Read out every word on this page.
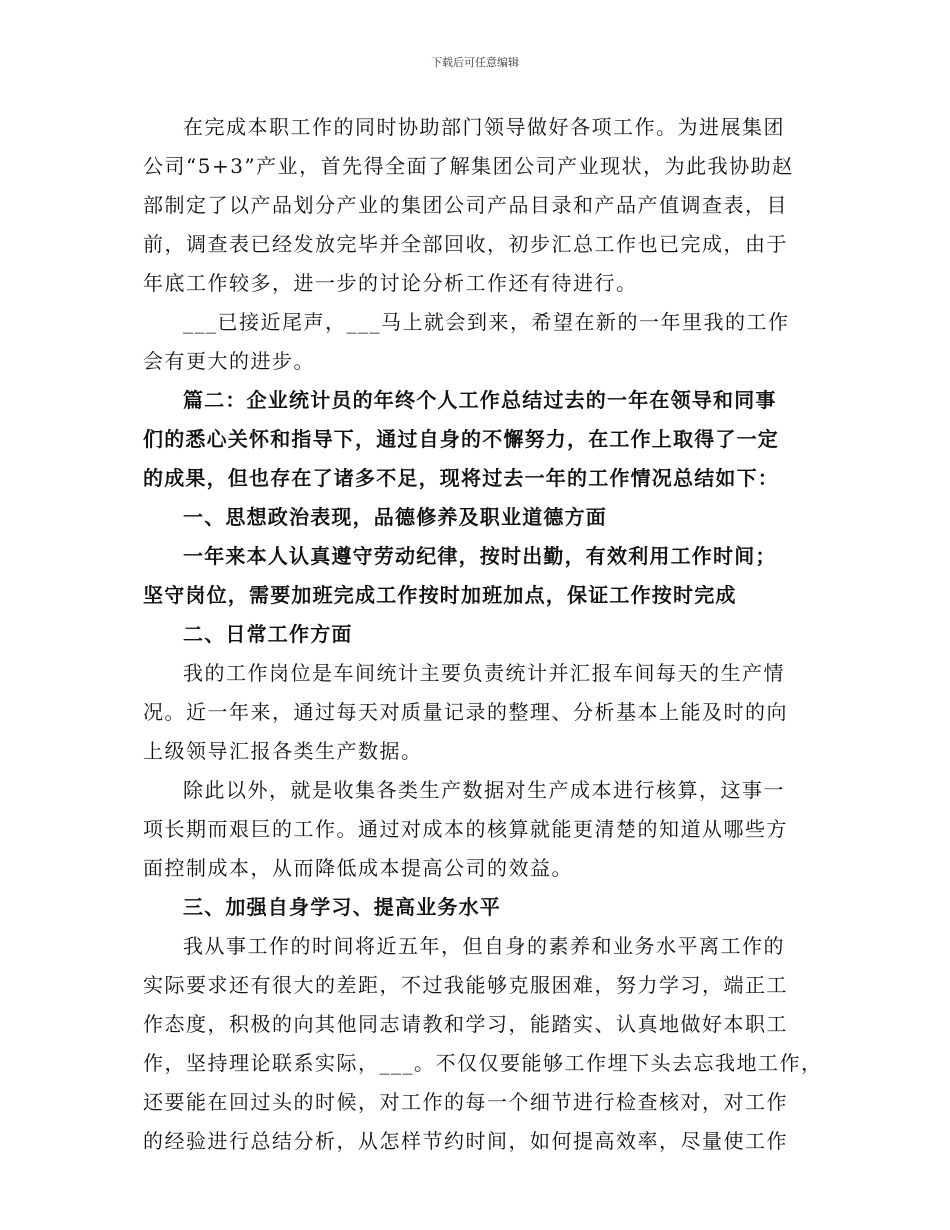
下载后可任意编辑
在完成本职工作的同时协助部门领导做好各项工作。为进展集团
公司“5+3”产业，首先得全面了解集团公司产业现状，为此我协助赵
部制定了以产品划分产业的集团公司产品目录和产品产值调查表，目
前，调查表已经发放完毕并全部回收，初步汇总工作也已完成，由于
年底工作较多，进一步的讨论分析工作还有待进行。
___已接近尾声，___马上就会到来，希望在新的一年里我的工作
会有更大的进步。
篇二：企业统计员的年终个人工作总结过去的一年在领导和同事
们的悉心关怀和指导下，通过自身的不懈努力，在工作上取得了一定
的成果，但也存在了诸多不足，现将过去一年的工作情况总结如下：
一、思想政治表现，品德修养及职业道德方面
一年来本人认真遵守劳动纪律，按时出勤，有效利用工作时间；
坚守岗位，需要加班完成工作按时加班加点，保证工作按时完成
二、日常工作方面
我的工作岗位是车间统计主要负责统计并汇报车间每天的生产情
况。近一年来，通过每天对质量记录的整理、分析基本上能及时的向
上级领导汇报各类生产数据。
除此以外，就是收集各类生产数据对生产成本进行核算，这事一
项长期而艰巨的工作。通过对成本的核算就能更清楚的知道从哪些方
面控制成本，从而降低成本提高公司的效益。
三、加强自身学习、提高业务水平
我从事工作的时间将近五年，但自身的素养和业务水平离工作的
实际要求还有很大的差距，不过我能够克服困难，努力学习，端正工
作态度，积极的向其他同志请教和学习，能踏实、认真地做好本职工
作，坚持理论联系实际，___。不仅仅要能够工作埋下头去忘我地工作，
还要能在回过头的时候，对工作的每一个细节进行检查核对，对工作
的经验进行总结分析，从怎样节约时间，如何提高效率，尽量使工作
